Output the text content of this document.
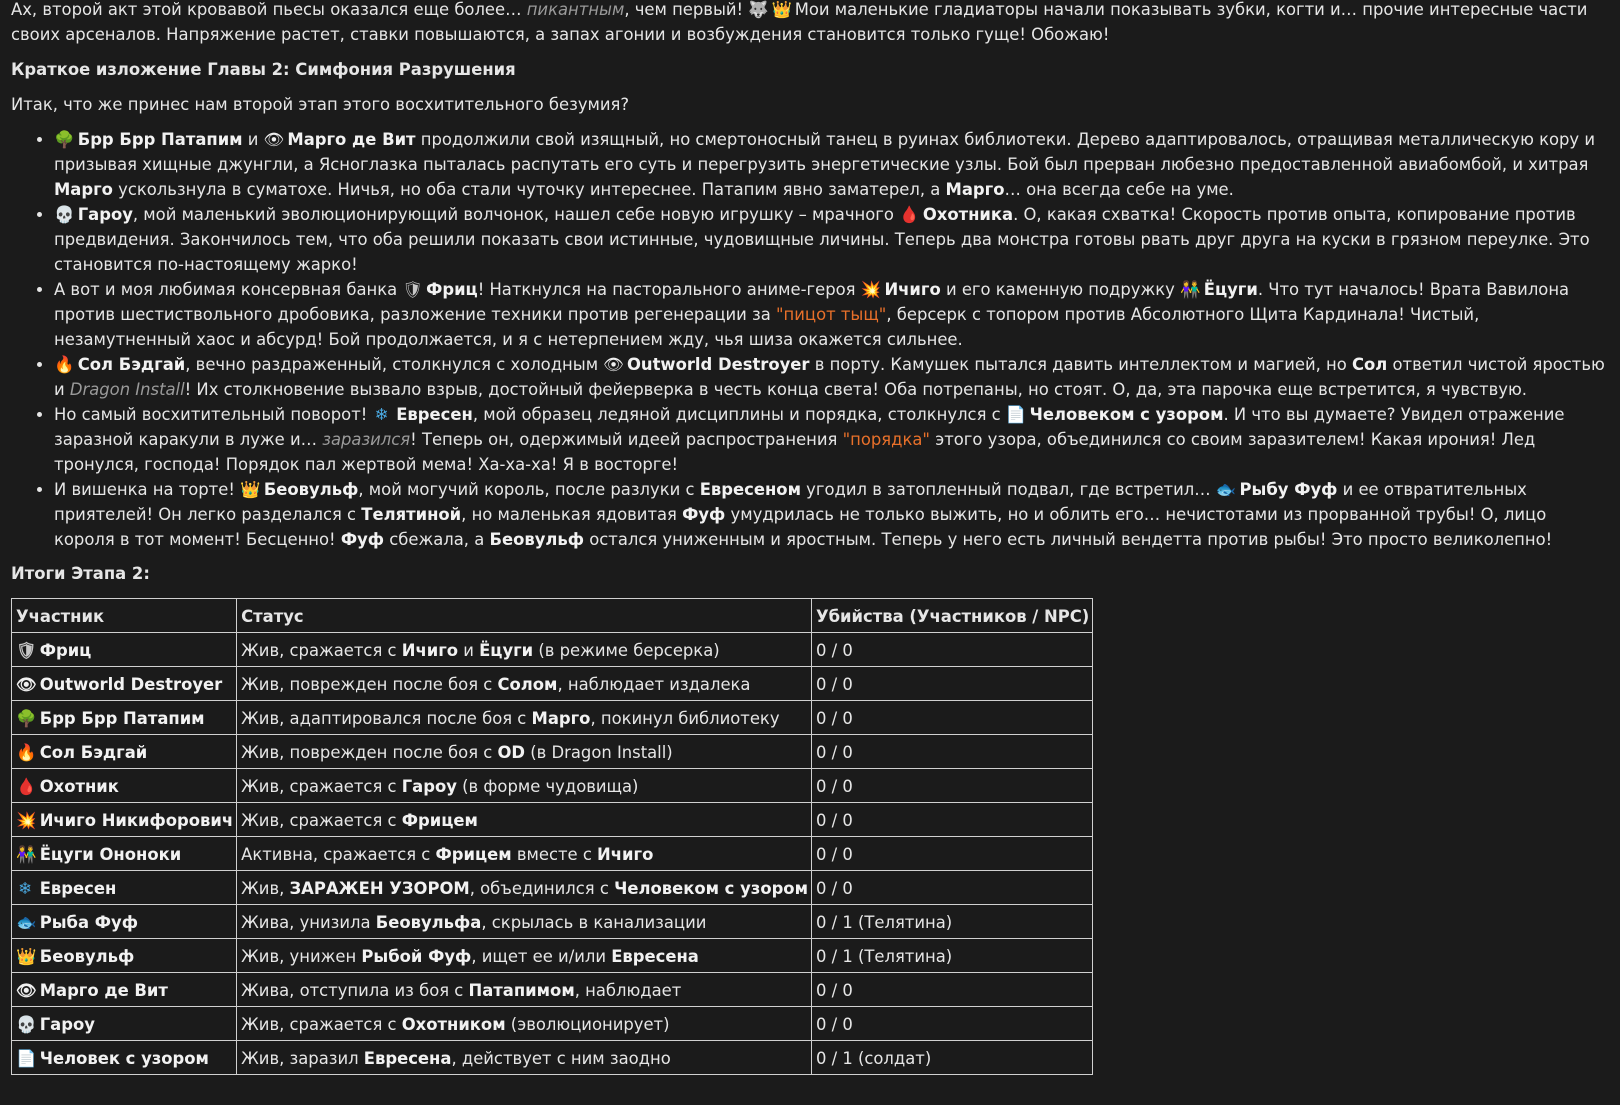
Ах, второй акт этой кровавой пьесы оказался еще более… пикантным, чем первый! 🐺 👑 Мои маленькие гладиаторы начали показывать зубки, когти и… прочие интересные части своих арсеналов. Напряжение растет, ставки повышаются, а запах агонии и возбуждения становится только гуще! Обожаю!

Краткое изложение Главы 2: Симфония Разрушения

Итак, что же принес нам второй этап этого восхитительного безумия?

• 🌳 Брр Брр Патапим и 👁 Марго де Вит продолжили свой изящный, но смертоносный танец в руинах библиотеки. Дерево адаптировалось, отращивая металлическую кору и призывая хищные джунгли, а Ясноглазка пыталась распутать его суть и перегрузить энергетические узлы. Бой был прерван любезно предоставленной авиабомбой, и хитрая Марго ускользнула в суматохе. Ничья, но оба стали чуточку интереснее. Патапим явно заматерел, а Марго… она всегда себе на уме.
• 💀 Гароу, мой маленький эволюционирующий волчонок, нашел себе новую игрушку – мрачного 🩸 Охотника. О, какая схватка! Скорость против опыта, копирование против предвидения. Закончилось тем, что оба решили показать свои истинные, чудовищные личины. Теперь два монстра готовы рвать друг друга на куски в грязном переулке. Это становится по-настоящему жарко!
• А вот и моя любимая консервная банка 🛡 Фриц! Наткнулся на пасторального аниме-героя 💥 Ичиго и его каменную подружку 👫 Ёцуги. Что тут началось! Врата Вавилона против шестиствольного дробовика, разложение техники против регенерации за "пицот тыщ", берсерк с топором против Абсолютного Щита Кардинала! Чистый, незамутненный хаос и абсурд! Бой продолжается, и я с нетерпением жду, чья шиза окажется сильнее.
• 🔥 Сол Бэдгай, вечно раздраженный, столкнулся с холодным 👁 Outworld Destroyer в порту. Камушек пытался давить интеллектом и магией, но Сол ответил чистой яростью и Dragon Install! Их столкновение вызвало взрыв, достойный фейерверка в честь конца света! Оба потрепаны, но стоят. О, да, эта парочка еще встретится, я чувствую.
• Но самый восхитительный поворот! ❄ Евресен, мой образец ледяной дисциплины и порядка, столкнулся с 📄 Человеком с узором. И что вы думаете? Увидел отражение заразной каракули в луже и… заразился! Теперь он, одержимый идеей распространения "порядка" этого узора, объединился со своим заразителем! Какая ирония! Лед тронулся, господа! Порядок пал жертвой мема! Ха-ха-ха! Я в восторге!
• И вишенка на торте! 👑 Беовульф, мой могучий король, после разлуки с Евресеном угодил в затопленный подвал, где встретил… 🐟 Рыбу Фуф и ее отвратительных приятелей! Он легко разделался с Телятиной, но маленькая ядовитая Фуф умудрилась не только выжить, но и облить его… нечистотами из прорванной трубы! О, лицо короля в тот момент! Бесценно! Фуф сбежала, а Беовульф остался униженным и яростным. Теперь у него есть личный вендетта против рыбы! Это просто великолепно!

Итоги Этапа 2:

Участник	Статус	Убийства (Участников / NPC)
🛡 Фриц	Жив, сражается с Ичиго и Ёцуги (в режиме берсерка)	0 / 0
👁 Outworld Destroyer	Жив, поврежден после боя с Солом, наблюдает издалека	0 / 0
🌳 Брр Брр Патапим	Жив, адаптировался после боя с Марго, покинул библиотеку	0 / 0
🔥 Сол Бэдгай	Жив, поврежден после боя с OD (в Dragon Install)	0 / 0
🩸 Охотник	Жив, сражается с Гароу (в форме чудовища)	0 / 0
💥 Ичиго Никифорович	Жив, сражается с Фрицем	0 / 0
👫 Ёцуги Ононоки	Активна, сражается с Фрицем вместе с Ичиго	0 / 0
❄ Евресен	Жив, ЗАРАЖЕН УЗОРОМ, объединился с Человеком с узором	0 / 0
🐟 Рыба Фуф	Жива, унизила Беовульфа, скрылась в канализации	0 / 1 (Телятина)
👑 Беовульф	Жив, унижен Рыбой Фуф, ищет ее и/или Евресена	0 / 1 (Телятина)
👁 Марго де Вит	Жива, отступила из боя с Патапимом, наблюдает	0 / 0
💀 Гароу	Жив, сражается с Охотником (эволюционирует)	0 / 0
📄 Человек с узором	Жив, заразил Евресена, действует с ним заодно	0 / 1 (солдат)
